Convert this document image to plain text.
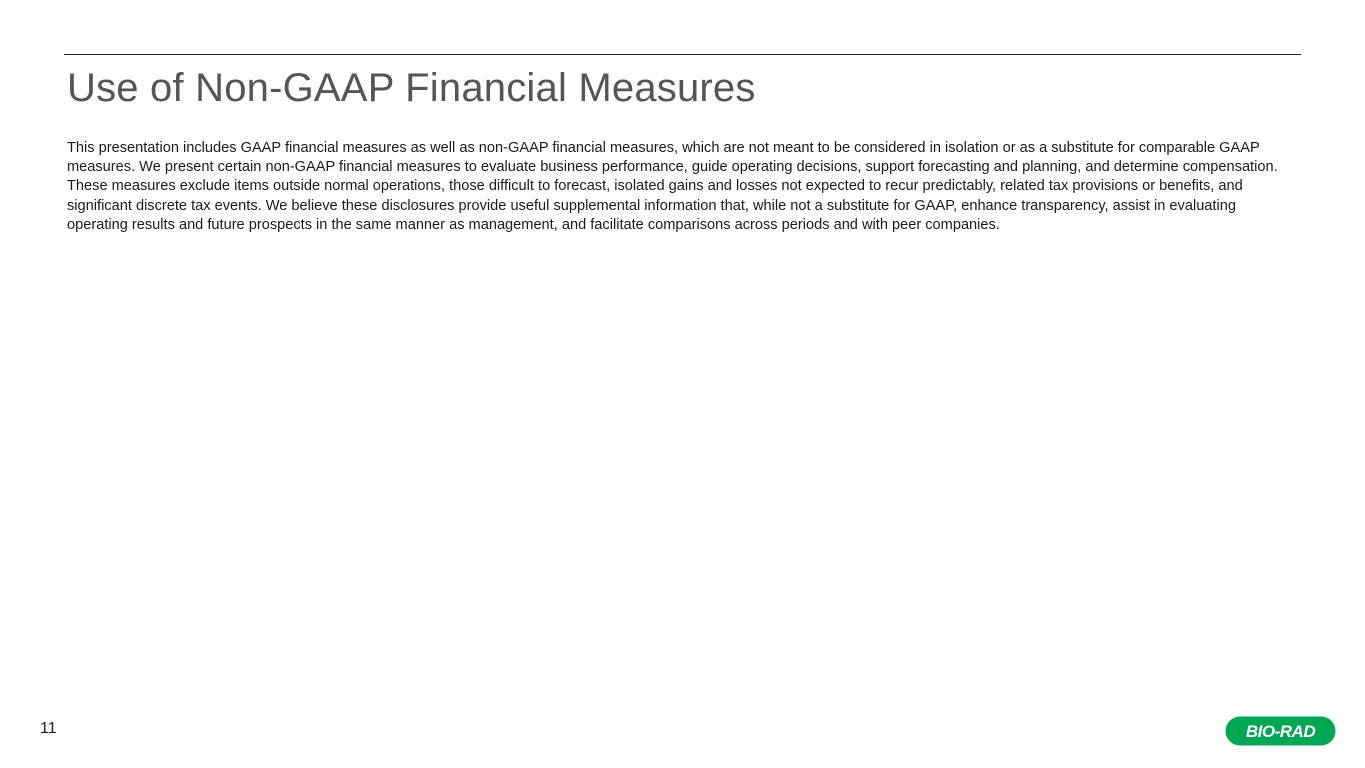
Use of Non-GAAP Financial Measures

This presentation includes GAAP financial measures as well as non-GAAP financial measures, which are not meant to be considered in isolation or as a substitute for comparable GAAP measures. We present certain non-GAAP financial measures to evaluate business performance, guide operating decisions, support forecasting and planning, and determine compensation. These measures exclude items outside normal operations, those difficult to forecast, isolated gains and losses not expected to recur predictably, related tax provisions or benefits, and significant discrete tax events. We believe these disclosures provide useful supplemental information that, while not a substitute for GAAP, enhance transparency, assist in evaluating operating results and future prospects in the same manner as management, and facilitate comparisons across periods and with peer companies.

11	BIO-RAD
